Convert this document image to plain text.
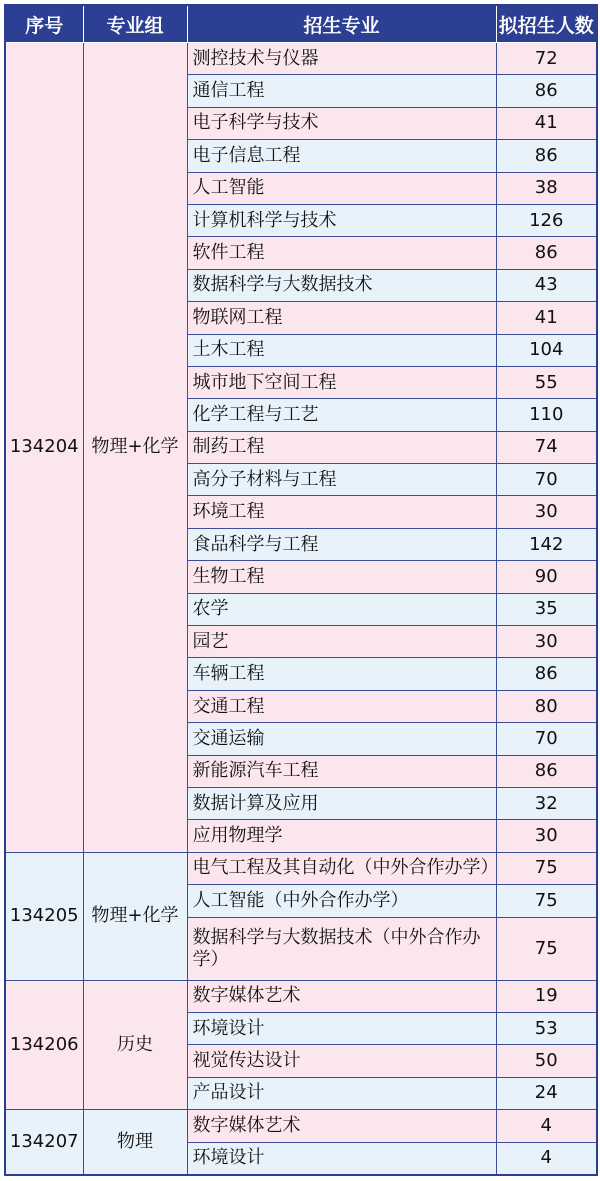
序号	专业组	招生专业	拟招生人数
134204	物理+化学	测控技术与仪器	72
		通信工程	86
		电子科学与技术	41
		电子信息工程	86
		人工智能	38
		计算机科学与技术	126
		软件工程	86
		数据科学与大数据技术	43
		物联网工程	41
		土木工程	104
		城市地下空间工程	55
		化学工程与工艺	110
		制药工程	74
		高分子材料与工程	70
		环境工程	30
		食品科学与工程	142
		生物工程	90
		农学	35
		园艺	30
		车辆工程	86
		交通工程	80
		交通运输	70
		新能源汽车工程	86
		数据计算及应用	32
		应用物理学	30
134205	物理+化学	电气工程及其自动化（中外合作办学）	75
		人工智能（中外合作办学）	75
		数据科学与大数据技术（中外合作办学）	75
134206	历史	数字媒体艺术	19
		环境设计	53
		视觉传达设计	50
		产品设计	24
134207	物理	数字媒体艺术	4
		环境设计	4
